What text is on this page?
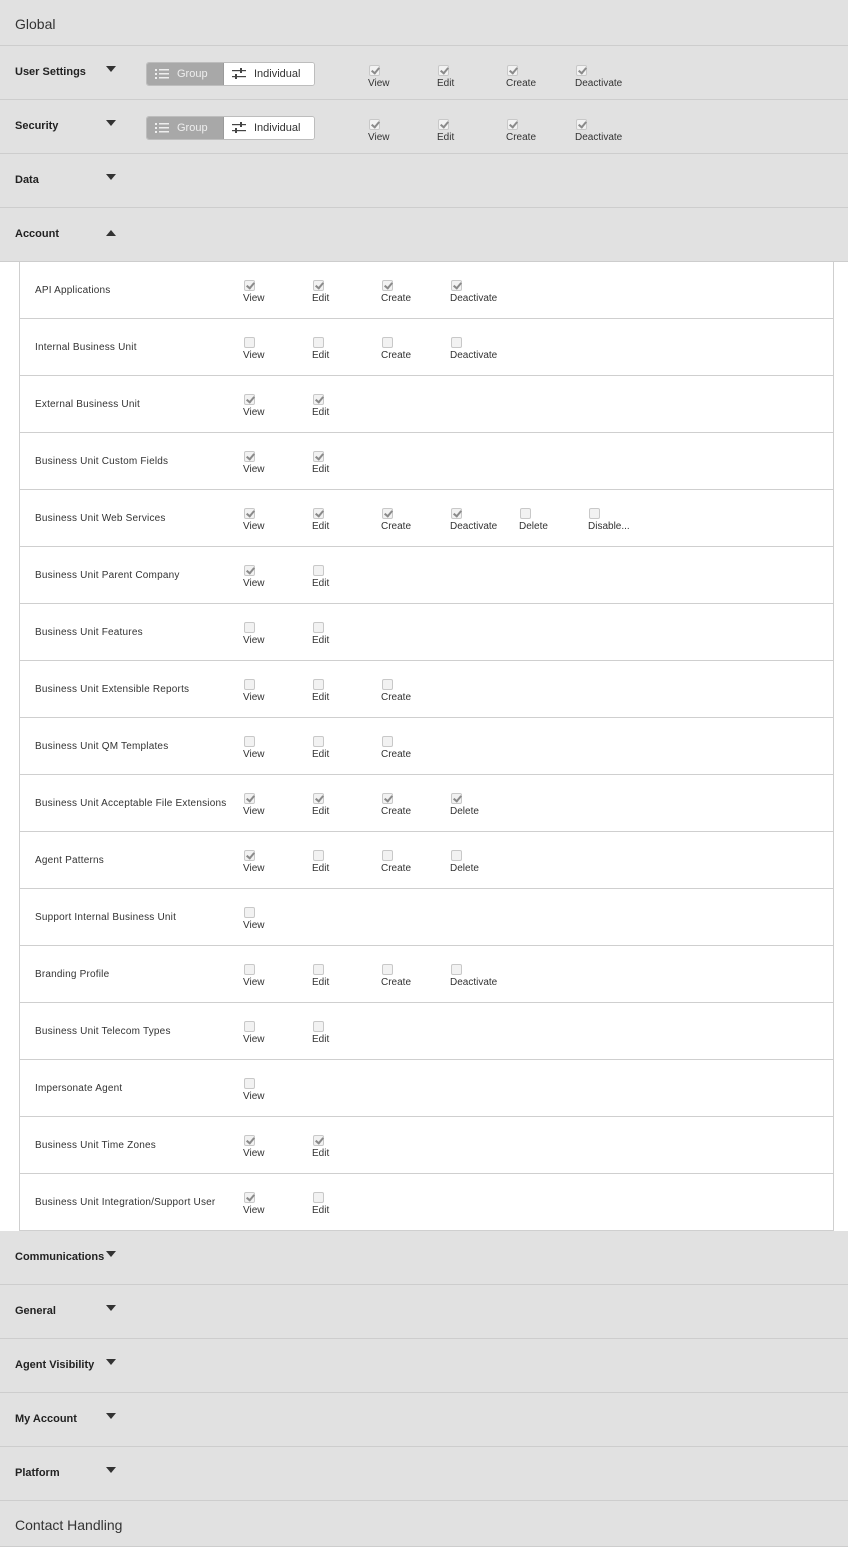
Global
User Settings	Group	Individual
View	Edit	Create	Deactivate
Security	Group	Individual
View	Edit	Create	Deactivate
Data
Account
API Applications
View	Edit	Create	Deactivate
Internal Business Unit
View	Edit	Create	Deactivate
External Business Unit
View	Edit
Business Unit Custom Fields
View	Edit
Business Unit Web Services
View	Edit	Create	Deactivate Delete	Disable...
Business Unit Parent Company
View	Edit
Business Unit Features
View	Edit
Business Unit Extensible Reports
View	Edit	Create
Business Unit QM Templates
View	Edit	Create
Business Unit Acceptable File Extensions
View	Edit	Create	Delete
Agent Patterns
View	Edit	Create	Delete
Support Internal Business Unit
View
Branding Profile
View	Edit	Create	Deactivate
Business Unit Telecom Types
View	Edit
Impersonate Agent
View
Business Unit Time Zones
View	Edit
Business Unit Integration/Support User
View	Edit
Communications
General
Agent Visibility
My Account
Platform
Contact Handling
